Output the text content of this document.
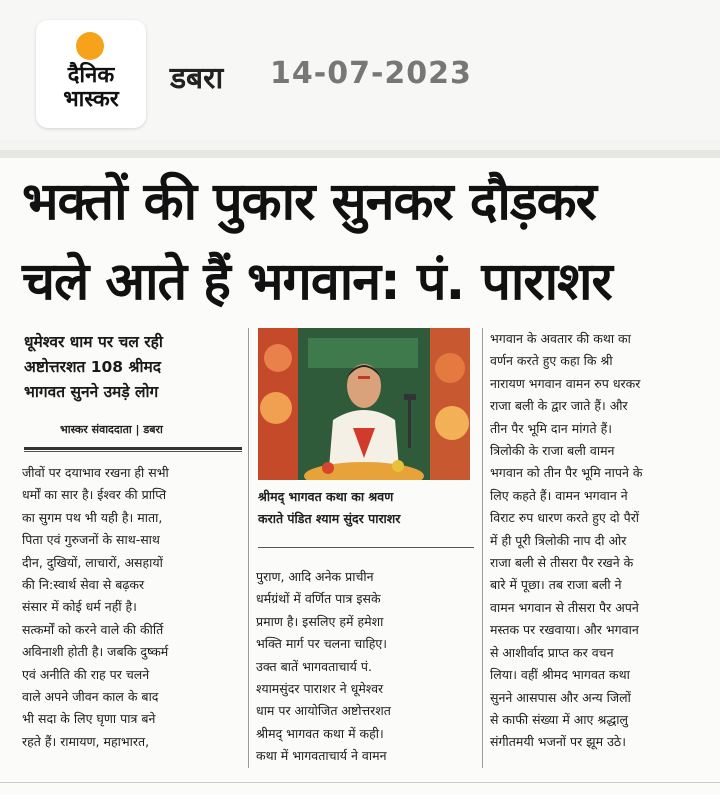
दैनिक
भास्कर
डबरा 14-07-2023
भक्तों की पुकार सुनकर दौड़कर
चले आते हैं भगवान: पं. पाराशर
धूमेश्वर धाम पर चल रही
अष्टोत्तरशत 108 श्रीमद
भागवत सुनने उमड़े लोग
भास्कर संवाददाता | डबरा
श्रीमद् भागवत कथा का श्रवण
कराते पंडित श्याम सुंदर पाराशर
जीवों पर दयाभाव रखना ही सभी
धर्मों का सार है। ईश्वर की प्राप्ति
का सुगम पथ भी यही है। माता,
पिता एवं गुरुजनों के साथ-साथ
दीन, दुखियों, लाचारों, असहायों
की नि:स्वार्थ सेवा से बढ़कर
संसार में कोई धर्म नहीं है।
सत्कर्मों को करने वाले की कीर्ति
अविनाशी होती है। जबकि दुष्कर्म
एवं अनीति की राह पर चलने
वाले अपने जीवन काल के बाद
भी सदा के लिए घृणा पात्र बने
रहते हैं। रामायण, महाभारत,
पुराण, आदि अनेक प्राचीन
धर्मग्रंथों में वर्णित पात्र इसके
प्रमाण है। इसलिए हमें हमेशा
भक्ति मार्ग पर चलना चाहिए।
उक्त बातें भागवताचार्य पं.
श्यामसुंदर पाराशर ने धूमेश्वर
धाम पर आयोजित अष्टोत्तरशत
श्रीमद् भागवत कथा में कही।
कथा में भागवताचार्य ने वामन
भगवान के अवतार की कथा का
वर्णन करते हुए कहा कि श्री
नारायण भगवान वामन रुप धरकर
राजा बली के द्वार जाते हैं। और
तीन पैर भूमि दान मांगते हैं।
त्रिलोकी के राजा बली वामन
भगवान को तीन पैर भूमि नापने के
लिए कहते हैं। वामन भगवान ने
विराट रुप धारण करते हुए दो पैरों
में ही पूरी त्रिलोकी नाप दी ओर
राजा बली से तीसरा पैर रखने के
बारे में पूछा। तब राजा बली ने
वामन भगवान से तीसरा पैर अपने
मस्तक पर रखवाया। और भगवान
से आशीर्वाद प्राप्त कर वचन
लिया। वहीं श्रीमद भागवत कथा
सुनने आसपास और अन्य जिलों
से काफी संख्या में आए श्रद्धालु
संगीतमयी भजनों पर झूम उठे।
